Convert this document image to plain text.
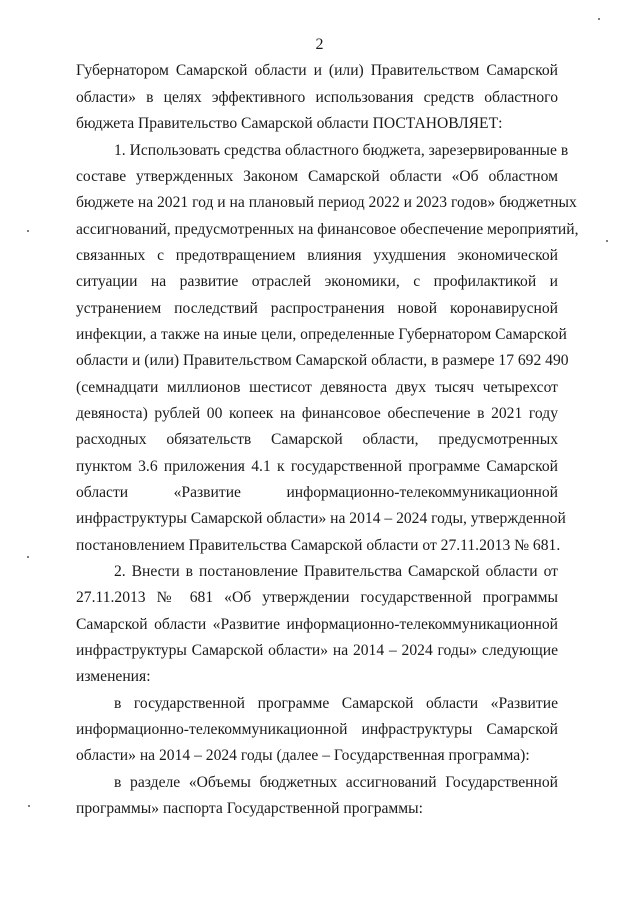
2
Губернатором Самарской области и (или) Правительством Самарской
области» в целях эффективного использования средств областного
бюджета Правительство Самарской области ПОСТАНОВЛЯЕТ:
1. Использовать средства областного бюджета, зарезервированные в
составе утвержденных Законом Самарской области «Об областном
бюджете на 2021 год и на плановый период 2022 и 2023 годов» бюджетных
ассигнований, предусмотренных на финансовое обеспечение мероприятий,
связанных с предотвращением влияния ухудшения экономической
ситуации на развитие отраслей экономики, с профилактикой и
устранением последствий распространения новой коронавирусной
инфекции, а также на иные цели, определенные Губернатором Самарской
области и (или) Правительством Самарской области, в размере 17 692 490
(семнадцати миллионов шестисот девяноста двух тысяч четырехсот
девяноста) рублей 00 копеек на финансовое обеспечение в 2021 году
расходных обязательств Самарской области, предусмотренных
пунктом 3.6 приложения 4.1 к государственной программе Самарской
области «Развитие информационно-телекоммуникационной
инфраструктуры Самарской области» на 2014 – 2024 годы, утвержденной
постановлением Правительства Самарской области от 27.11.2013 № 681.
2. Внести в постановление Правительства Самарской области от
27.11.2013 № 681 «Об утверждении государственной программы
Самарской области «Развитие информационно-телекоммуникационной
инфраструктуры Самарской области» на 2014 – 2024 годы» следующие
изменения:
в государственной программе Самарской области «Развитие
информационно-телекоммуникационной инфраструктуры Самарской
области» на 2014 – 2024 годы (далее – Государственная программа):
в разделе «Объемы бюджетных ассигнований Государственной
программы» паспорта Государственной программы:
